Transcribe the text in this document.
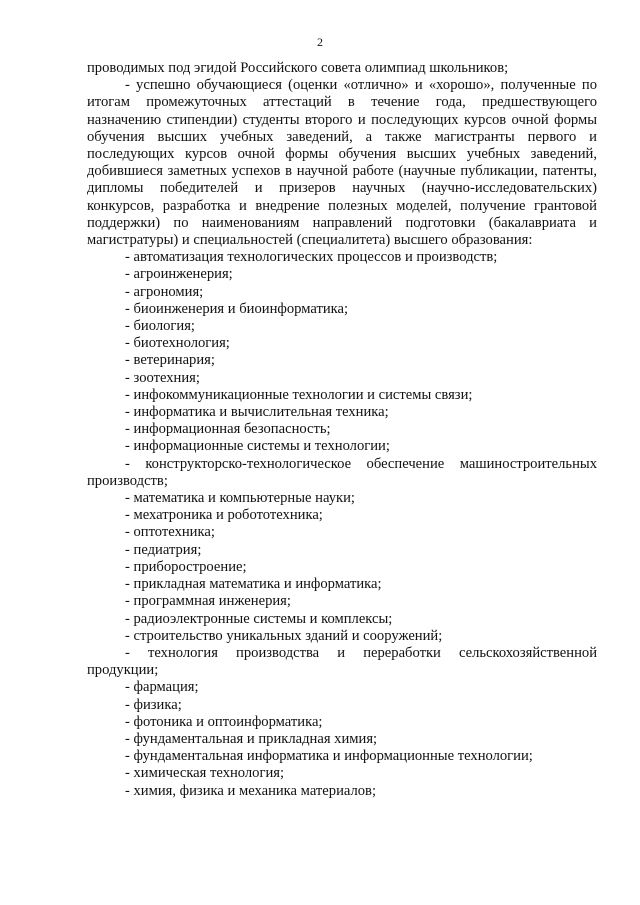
2

проводимых под эгидой Российского совета олимпиад школьников;

- успешно обучающиеся (оценки «отлично» и «хорошо», полученные по итогам промежуточных аттестаций в течение года, предшествующего назначению стипендии) студенты второго и последующих курсов очной формы обучения высших учебных заведений, а также магистранты первого и последующих курсов очной формы обучения высших учебных заведений, добившиеся заметных успехов в научной работе (научные публикации, патенты, дипломы победителей и призеров научных (научно-исследовательских) конкурсов, разработка и внедрение полезных моделей, получение грантовой поддержки) по наименованиям направлений подготовки (бакалавриата и магистратуры) и специальностей (специалитета) высшего образования:

- автоматизация технологических процессов и производств;
- агроинженерия;
- агрономия;
- биоинженерия и биоинформатика;
- биология;
- биотехнология;
- ветеринария;
- зоотехния;
- инфокоммуникационные технологии и системы связи;
- информатика и вычислительная техника;
- информационная безопасность;
- информационные системы и технологии;
- конструкторско-технологическое обеспечение машиностроительных производств;
- математика и компьютерные науки;
- мехатроника и робототехника;
- оптотехника;
- педиатрия;
- приборостроение;
- прикладная математика и информатика;
- программная инженерия;
- радиоэлектронные системы и комплексы;
- строительство уникальных зданий и сооружений;
- технология производства и переработки сельскохозяйственной продукции;
- фармация;
- физика;
- фотоника и оптоинформатика;
- фундаментальная и прикладная химия;
- фундаментальная информатика и информационные технологии;
- химическая технология;
- химия, физика и механика материалов;
